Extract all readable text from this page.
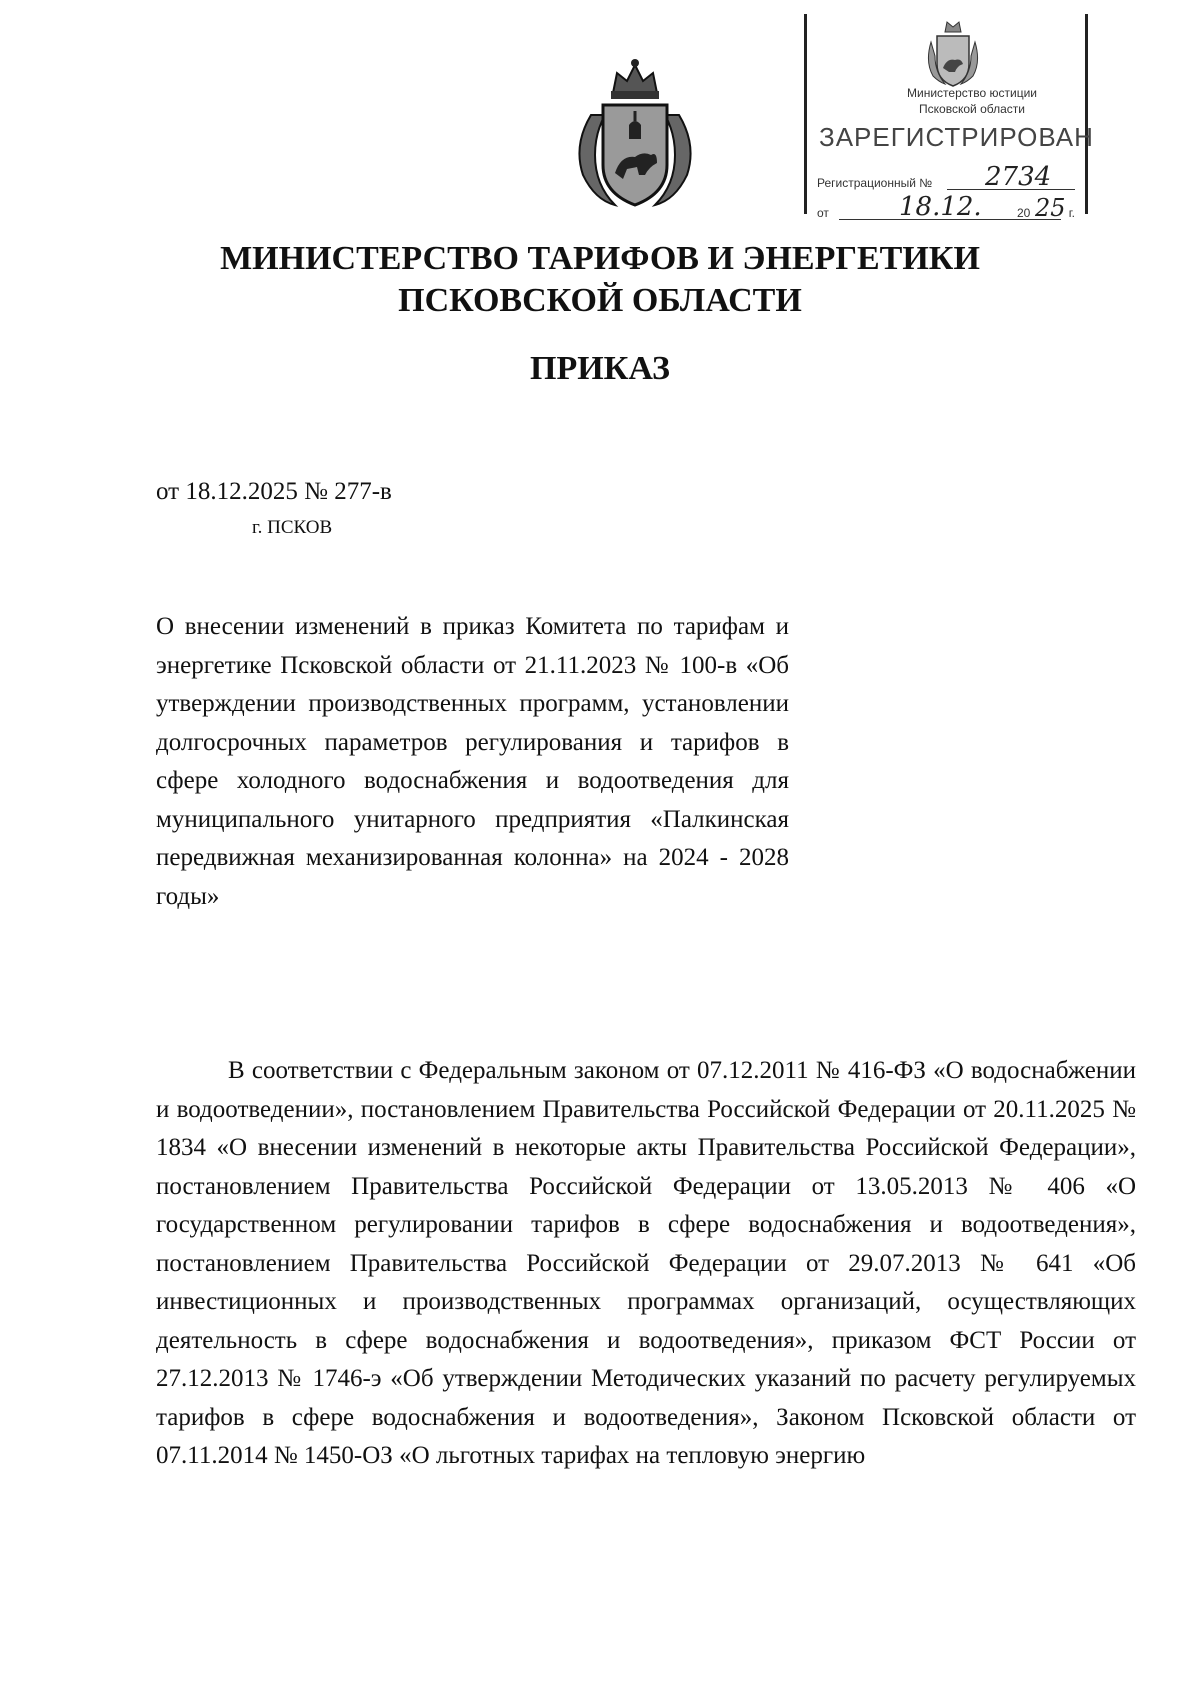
Министерство юстиции
Псковской области
ЗАРЕГИСТРИРОВАН
Регистрационный № 2734
от	18.12.	20 25 г.
МИНИСТЕРСТВО ТАРИФОВ И ЭНЕРГЕТИКИ
ПСКОВСКОЙ ОБЛАСТИ
ПРИКАЗ
от 18.12.2025 № 277-в
г. ПСКОВ
О внесении изменений в приказ Комитета по тарифам и энергетике Псковской области от 21.11.2023 № 100-в «Об утверждении производственных программ, установлении долгосрочных параметров регулирования и тарифов в сфере холодного водоснабжения и водоотведения для муниципального унитарного предприятия «Палкинская передвижная механизированная колонна» на 2024 - 2028 годы»
В соответствии с Федеральным законом от 07.12.2011 № 416-ФЗ «О водоснабжении и водоотведении», постановлением Правительства Российской Федерации от 20.11.2025 № 1834 «О внесении изменений в некоторые акты Правительства Российской Федерации», постановлением Правительства Российской Федерации от 13.05.2013 № 406 «О государственном регулировании тарифов в сфере водоснабжения и водоотведения», постановлением Правительства Российской Федерации от 29.07.2013 № 641 «Об инвестиционных и производственных программах организаций, осуществляющих деятельность в сфере водоснабжения и водоотведения», приказом ФСТ России от 27.12.2013 № 1746-э «Об утверждении Методических указаний по расчету регулируемых тарифов в сфере водоснабжения и водоотведения», Законом Псковской области от 07.11.2014 № 1450-ОЗ «О льготных тарифах на тепловую энергию
